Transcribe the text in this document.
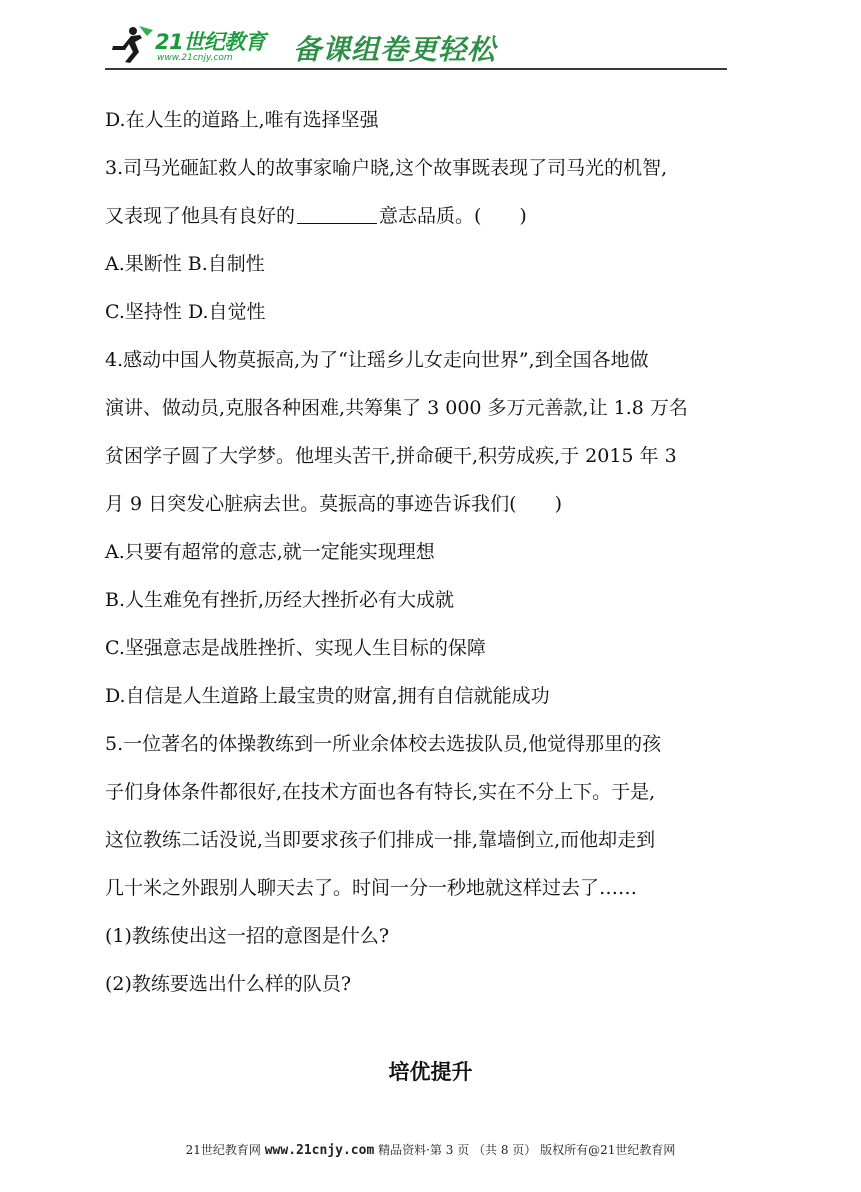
21世纪教育
www.21cnjy.com 备课组卷更轻松
D.在人生的道路上,唯有选择坚强
3.司马光砸缸救人的故事家喻户晓,这个故事既表现了司马光的机智,
又表现了他具有良好的	意志品质。(　　)
A.果断性 B.自制性
C.坚持性 D.自觉性
4.感动中国人物莫振高,为了“让瑶乡儿女走向世界”,到全国各地做
演讲、做动员,克服各种困难,共筹集了 3 000 多万元善款,让 1.8 万名
贫困学子圆了大学梦。他埋头苦干,拼命硬干,积劳成疾,于 2015 年 3
月 9 日突发心脏病去世。莫振高的事迹告诉我们(　　)
A.只要有超常的意志,就一定能实现理想
B.人生难免有挫折,历经大挫折必有大成就
C.坚强意志是战胜挫折、实现人生目标的保障
D.自信是人生道路上最宝贵的财富,拥有自信就能成功
5.一位著名的体操教练到一所业余体校去选拔队员,他觉得那里的孩
子们身体条件都很好,在技术方面也各有特长,实在不分上下。于是,
这位教练二话没说,当即要求孩子们排成一排,靠墙倒立,而他却走到
几十米之外跟别人聊天去了。时间一分一秒地就这样过去了……
(1)教练使出这一招的意图是什么?
(2)教练要选出什么样的队员?
培优提升
21世纪教育网 www.21cnjy.com 精品资料·第 3 页 （共 8 页） 版权所有@21世纪教育网
